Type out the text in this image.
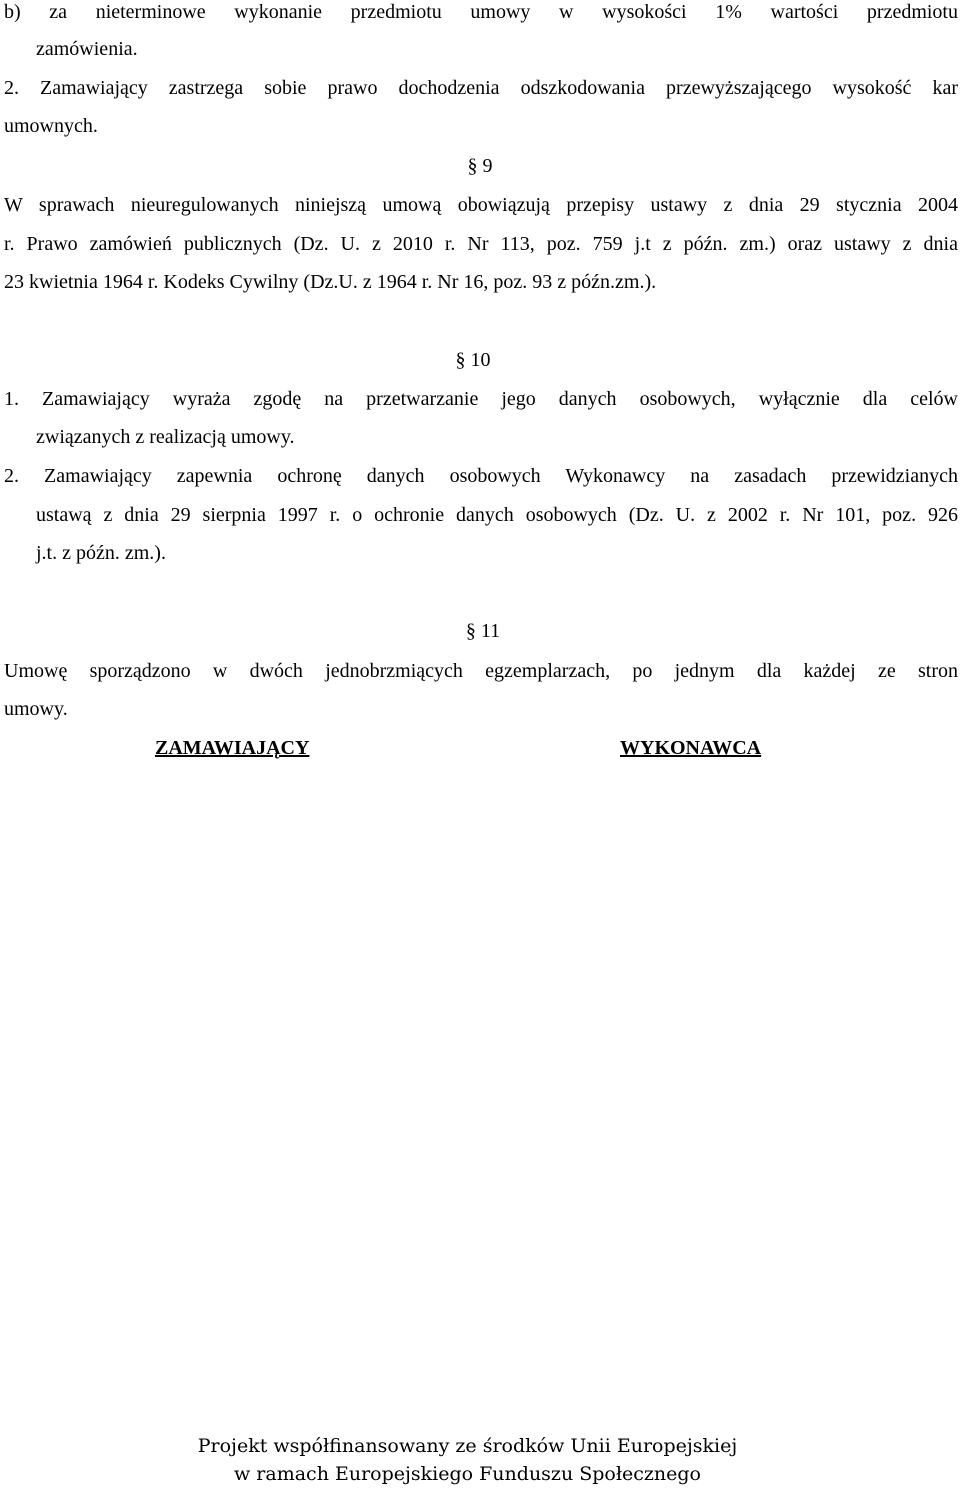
b) za nieterminowe wykonanie przedmiotu umowy w wysokości 1% wartości przedmiotu
zamówienia.
2. Zamawiający zastrzega sobie prawo dochodzenia odszkodowania przewyższającego wysokość kar
umownych.
§ 9
W sprawach nieuregulowanych niniejszą umową obowiązują przepisy ustawy z dnia 29 stycznia 2004
r. Prawo zamówień publicznych (Dz. U. z 2010 r. Nr 113, poz. 759 j.t z późn. zm.) oraz ustawy z dnia
23 kwietnia 1964 r. Kodeks Cywilny (Dz.U. z 1964 r. Nr 16, poz. 93 z późn.zm.).
§ 10
1. Zamawiający wyraża zgodę na przetwarzanie jego danych osobowych, wyłącznie dla celów
związanych z realizacją umowy.
2. Zamawiający zapewnia ochronę danych osobowych Wykonawcy na zasadach przewidzianych
ustawą z dnia 29 sierpnia 1997 r. o ochronie danych osobowych (Dz. U. z 2002 r. Nr 101, poz. 926
j.t. z późn. zm.).
§ 11
Umowę sporządzono w dwóch jednobrzmiących egzemplarzach, po jednym dla każdej ze stron
umowy.
ZAMAWIAJĄCY	WYKONAWCA
Projekt współfinansowany ze środków Unii Europejskiej
w ramach Europejskiego Funduszu Społecznego
